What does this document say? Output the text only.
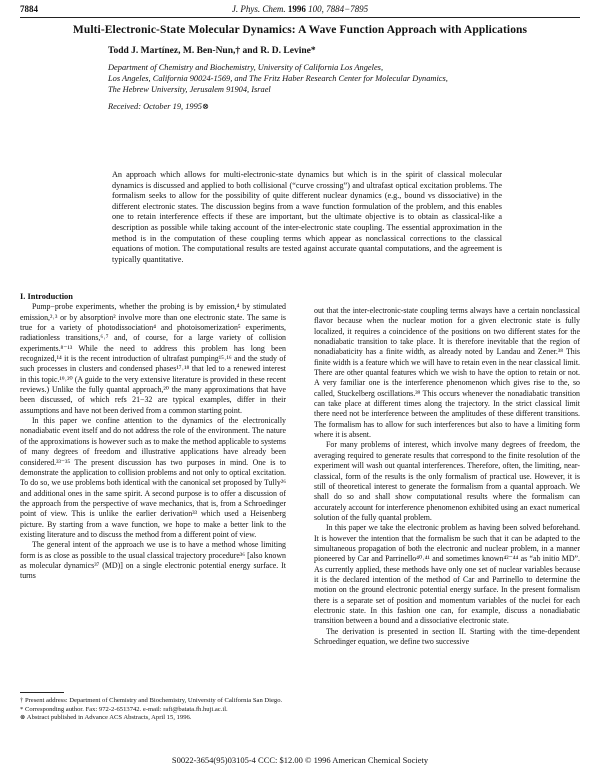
7884	J. Phys. Chem. 1996 100, 7884−7895
Multi-Electronic-State Molecular Dynamics: A Wave Function Approach with Applications
Todd J. Martínez, M. Ben-Nun,† and R. D. Levine*
Department of Chemistry and Biochemistry, University of California Los Angeles,
Los Angeles, California 90024-1569, and The Fritz Haber Research Center for Molecular Dynamics,
The Hebrew University, Jerusalem 91904, Israel
Received: October 19, 1995⊗
An approach which allows for multi-electronic-state dynamics but which is in the spirit of classical molecular dynamics is discussed and applied to both collisional (“curve crossing”) and ultrafast optical excitation problems. The formalism seeks to allow for the possibility of quite different nuclear dynamics (e.g., bound vs dissociative) in the different electronic states. The discussion begins from a wave function formulation of the problem, and this enables one to retain interference effects if these are important, but the ultimate objective is to obtain as classical-like a description as possible while taking account of the inter-electronic state coupling. The essential approximation in the method is in the computation of these coupling terms which appear as nonclassical corrections to the classical equations of motion. The computational results are tested against accurate quantal computations, and the agreement is typically quantitative.

I. Introduction

Pump−probe experiments, whether the probing is by emission,⁴ by stimulated emission,²˒³ or by absorption² involve more than one electronic state. The same is true for a variety of photodissociation⁴ and photoisomerization⁵ experiments, radiationless transitions,⁶˒⁷ and, of course, for a large variety of collision experiments.⁸⁻¹³ While the need to address this problem has long been recognized,¹⁴ it is the recent introduction of ultrafast pumping¹⁵˒¹⁶ and the study of such processes in clusters and condensed phases¹⁷˒¹⁸ that led to a renewed interest in this topic.¹⁹˒²⁰ (A guide to the very extensive literature is provided in these recent reviews.) Unlike the fully quantal approach,²⁰ the many approximations that have been discussed, of which refs 21−32 are typical examples, differ in their assumptions and have not been derived from a common starting point.

In this paper we confine attention to the dynamics of the electronically nonadiabatic event itself and do not address the role of the environment. The nature of the approximations is however such as to make the method applicable to systems of many degrees of freedom and illustrative applications have already been considered.³³⁻³⁵ The present discussion has two purposes in mind. One is to demonstrate the application to collision problems and not only to optical excitation. To do so, we use problems both identical with the canonical set proposed by Tully²⁶ and additional ones in the same spirit. A second purpose is to offer a discussion of the approach from the perspective of wave mechanics, that is, from a Schroedinger point of view. This is unlike the earlier derivation³³ which used a Heisenberg picture. By starting from a wave function, we hope to make a better link to the existing literature and to discuss the method from a different point of view.

The general intent of the approach we use is to have a method whose limiting form is as close as possible to the usual classical trajectory procedure³⁶ [also known as molecular dynamics³⁷ (MD)] on a single electronic potential energy surface. It turns

out that the inter-electronic-state coupling terms always have a certain nonclassical flavor because when the nuclear motion for a given electronic state is fully localized, it requires a coincidence of the positions on two different states for the nonadiabatic transition to take place. It is therefore inevitable that the region of nonadiabaticity has a finite width, as already noted by Landau and Zener.³⁸ This finite width is a feature which we will have to retain even in the near classical limit. There are other quantal features which we wish to have the option to retain or not. A very familiar one is the interference phenomenon which gives rise to the, so called, Stuckelberg oscillations.³⁹ This occurs whenever the nonadiabatic transition can take place at different times along the trajectory. In the strict classical limit there need not be interference between the amplitudes of these different transitions. The formalism has to allow for such interferences but also to have a limiting form where it is absent.

For many problems of interest, which involve many degrees of freedom, the averaging required to generate results that correspond to the finite resolution of the experiment will wash out quantal interferences. Therefore, often, the limiting, near-classical, form of the results is the only formalism of practical use. However, it is still of theoretical interest to generate the formalism from a quantal approach. We shall do so and shall show computational results where the formalism can accurately account for interference phenomenon exhibited using an exact numerical solution of the fully quantal problem.

In this paper we take the electronic problem as having been solved beforehand. It is however the intention that the formalism be such that it can be adapted to the simultaneous propagation of both the electronic and nuclear problem, in a manner pioneered by Car and Parrinello⁴⁰˒⁴¹ and sometimes known⁴²⁻⁴⁴ as “ab initio MD”. As currently applied, these methods have only one set of nuclear variables because it is the declared intention of the method of Car and Parrinello to determine the motion on the ground electronic potential energy surface. In the present formalism there is a separate set of position and momentum variables of the nuclei for each electronic state. In this fashion one can, for example, discuss a nonadiabatic transition between a bound and a dissociative electronic state.

The derivation is presented in section II. Starting with the time-dependent Schroedinger equation, we define two successive

† Present address: Department of Chemistry and Biochemistry, University of California San Diego.
* Corresponding author. Fax: 972-2-6513742. e-mail: rafi@batata.fh.huji.ac.il.
⊗ Abstract published in Advance ACS Abstracts, April 15, 1996.
S0022-3654(95)03105-4 CCC: $12.00 © 1996 American Chemical Society
